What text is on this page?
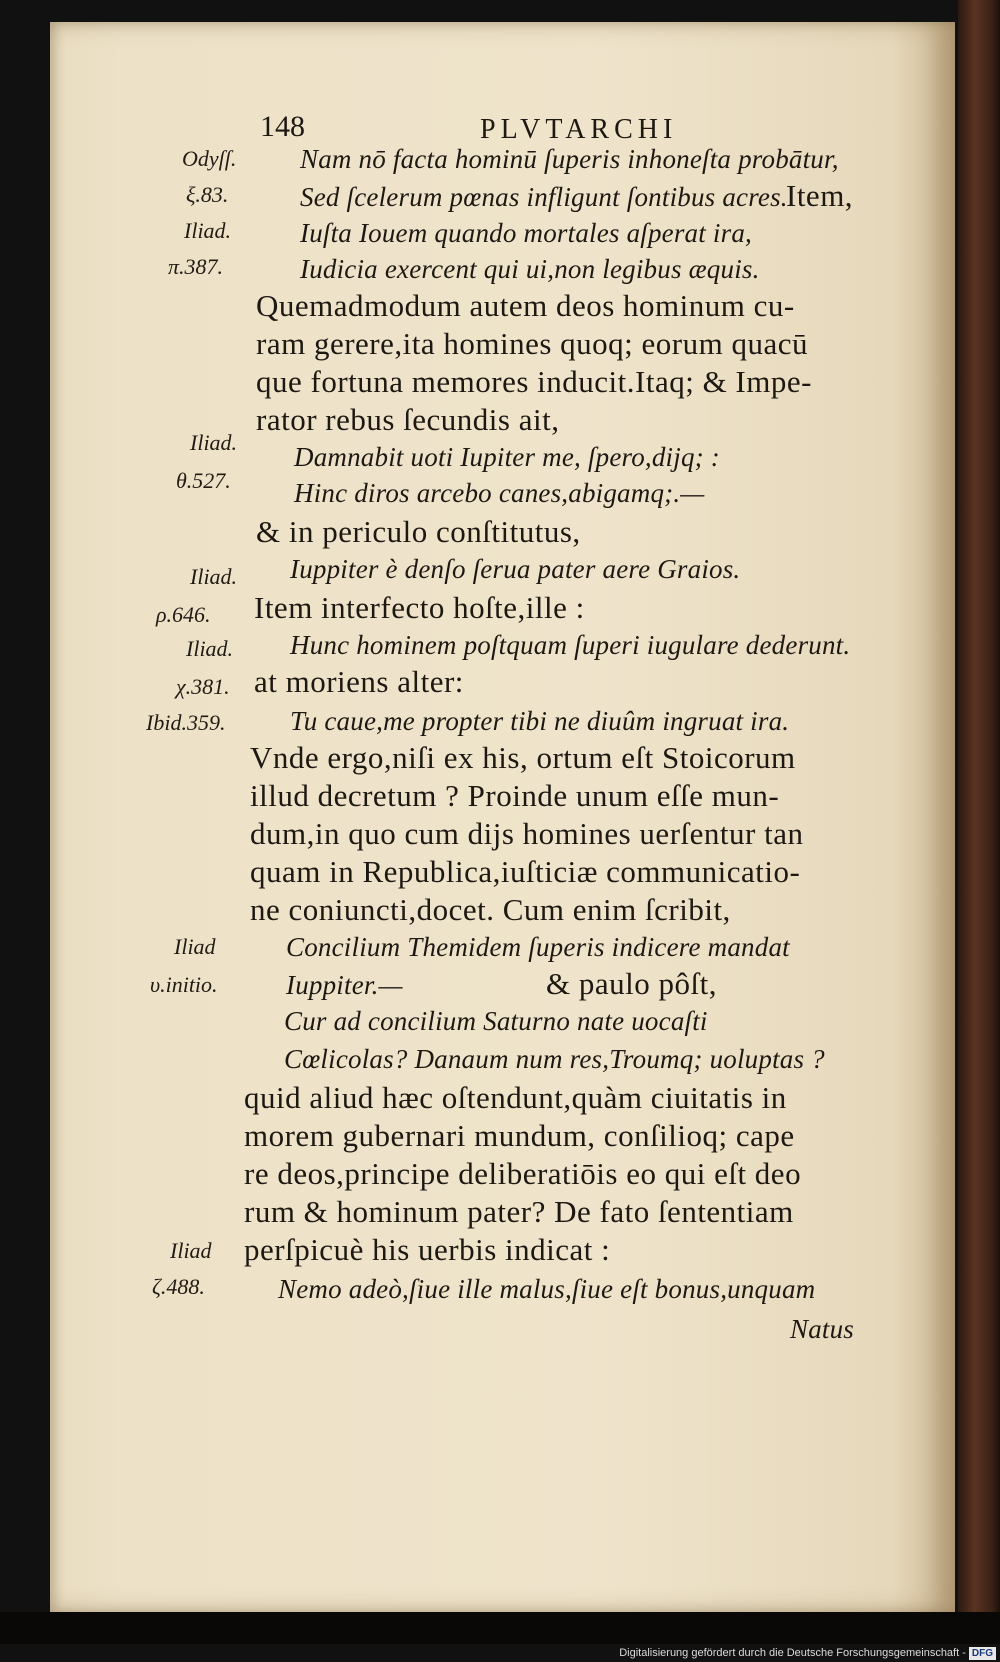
148	PLVTARCHI
Odyſſ.
ξ.83.
Iliad.
π.387.
Iliad.
θ.527.
Iliad.
ρ.646.
Iliad.
χ.381.
Ibid.359.
Iliad
υ.initio.
Iliad
ζ.488.
Nam nō facta hominū ſuperis inhoneſta probātur,
Sed ſcelerum pœnas infligunt ſontibus acres.
Item,
Iuſta Iouem quando mortales aſperat ira,
Iudicia exercent qui ui,non legibus æquis.
Quemadmodum autem deos hominum cu-
ram gerere,ita homines quoq; eorum quacū
que fortuna memores inducit.Itaq; & Impe-
rator rebus ſecundis ait,
Damnabit uoti Iupiter me, ſpero,dijq; :
Hinc diros arcebo canes,abigamq;.—
& in periculo conſtitutus,
Iuppiter è denſo ſerua pater aere Graios.
Item interfecto hoſte,ille :
Hunc hominem poſtquam ſuperi iugulare dederunt.
at moriens alter:
Tu caue,me propter tibi ne diuûm ingruat ira.
Vnde ergo,niſi ex his, ortum eſt Stoicorum
illud decretum ? Proinde unum eſſe mun-
dum,in quo cum dijs homines uerſentur tan
quam in Republica,iuſticiæ communicatio-
ne coniuncti,docet. Cum enim ſcribit,
Concilium Themidem ſuperis indicere mandat
Iuppiter.—	& paulo pôſt,
Cur ad concilium Saturno nate uocaſti
Cœlicolas? Danaum num res,Troumq; uoluptas ?
quid aliud hæc oſtendunt,quàm ciuitatis in
morem gubernari mundum, conſilioq; cape
re deos,principe deliberatiōis eo qui eſt deo
rum & hominum pater? De fato ſententiam
perſpicuè his uerbis indicat :
Nemo adeò,ſiue ille malus,ſiue eſt bonus,unquam
Natus
Digitalisierung gefördert durch die Deutsche Forschungsgemeinschaft - DFG
